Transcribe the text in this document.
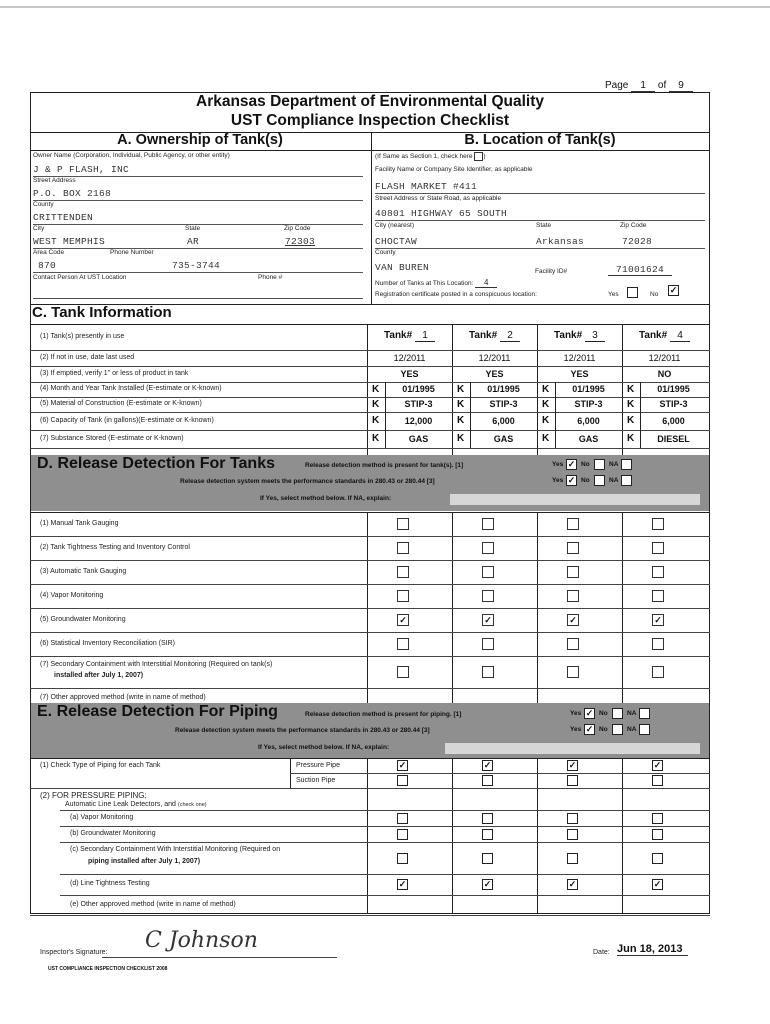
Page 1 of 9
Arkansas Department of Environmental Quality
UST Compliance Inspection Checklist
A. Ownership of Tank(s)	B. Location of Tank(s)
Owner Name (Corporation, Individual, Public Agency, or other entity)
J & P FLASH, INC
Street Address
P.O. BOX 2168
County
CRITTENDEN
City	State	Zip Code
WEST MEMPHIS	AR	72303
Area Code	Phone Number
870	735-3744
Contact Person At UST Location	Phone #
(If Same as Section 1, check here )
Facility Name or Company Site Identifier, as applicable
FLASH MARKET #411
Street Address or State Road, as applicable
40801 HIGHWAY 65 SOUTH
City (nearest)	State	Zip Code
CHOCTAW	Arkansas	72028
County
VAN BUREN	Facility ID#	71001624
Number of Tanks at This Location: 4
Registration certificate posted in a conspicuous location:	Yes	No ✓
C. Tank Information
Tank# 1	Tank# 2	Tank# 3	Tank# 4
(1) Tank(s) presently in use
(2) If not in use, date last used	12/2011	12/2011	12/2011	12/2011
(3) If emptied, verify 1" or less of product in tank	YES	YES	YES	NO
(4) Month and Year Tank Installed (E-estimate or K-known)	K	01/1995	K	01/1995	K	01/1995	K	01/1995
(5) Material of Construction (E-estimate or K-known)	K	STIP-3	K	STIP-3	K	STIP-3	K	STIP-3
(6) Capacity of Tank (in gallons)(E-estimate or K-known)	K	12,000	K	6,000	K	6,000	K	6,000
(7) Substance Stored (E-estimate or K-known)	K	GAS	K	GAS	K	GAS	K	DIESEL
D. Release Detection For Tanks	Release detection method is present for tank(s). [1]
Release detection system meets the performance standards in 280.43 or 280.44 [3]
If Yes, select method below. If NA, explain:
Yes ✓ No	NA
Yes ✓ No	NA
(1) Manual Tank Gauging
(2) Tank Tightness Testing and Inventory Control
(3) Automatic Tank Gauging
(4) Vapor Monitoring
(5) Groundwater Monitoring	✓	✓	✓	✓
(6) Statistical Inventory Reconciliation (SIR)
(7) Secondary Containment with Interstitial Monitoring (Required on tank(s)
installed after July 1, 2007)
(7) Other approved method (write in name of method)
E. Release Detection For Piping	Release detection method is present for piping. [1]
Release detection system meets the performance standards in 280.43 or 280.44 [3]
If Yes, select method below. If NA, explain:
Yes ✓ No	NA
Yes ✓ No	NA
(1) Check Type of Piping for each Tank	Pressure Pipe
Suction Pipe
✓	✓	✓	✓
(2) FOR PRESSURE PIPING:
Automatic Line Leak Detectors, and (check one)
(a) Vapor Monitoring
(b) Groundwater Monitoring
(c) Secondary Containment With Interstitial Monitoring (Required on
piping installed after July 1, 2007)
(d) Line Tightness Testing	✓	✓	✓	✓
(e) Other approved method (write in name of method)
Inspector's Signature: C Johnson	Date: Jun 18, 2013
UST COMPLIANCE INSPECTION CHECKLIST 2008
